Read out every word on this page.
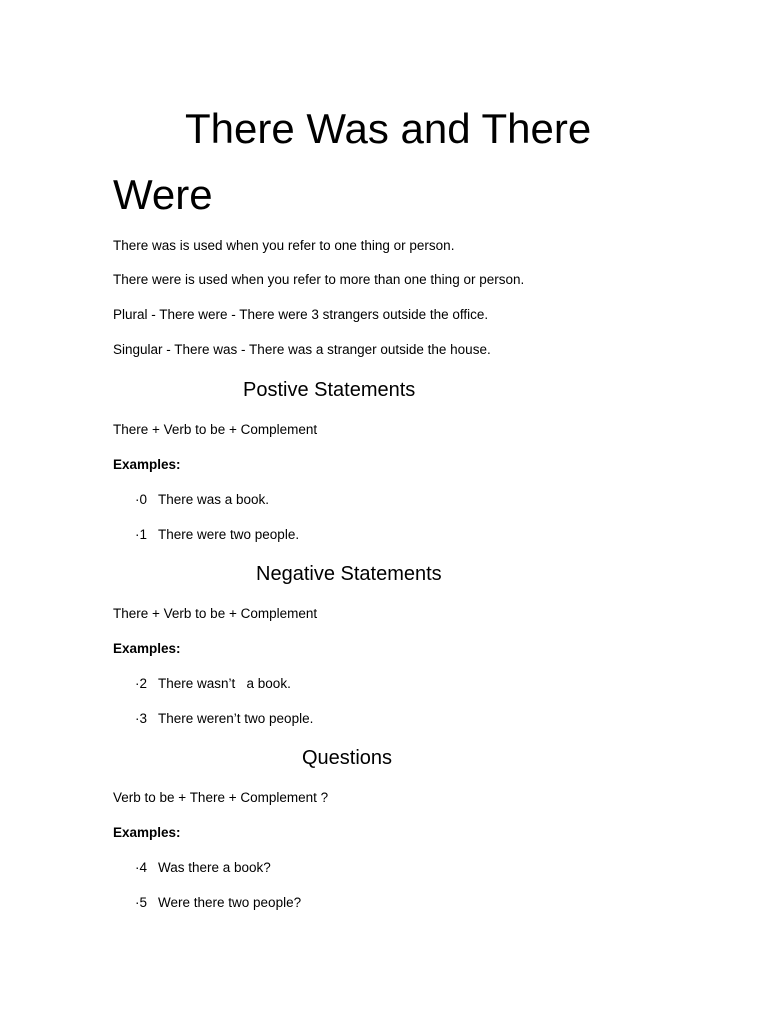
There Was and There Were

There was is used when you refer to one thing or person.

There were is used when you refer to more than one thing or person.

Plural - There were - There were 3 strangers outside the office.

Singular - There was - There was a stranger outside the house.

Postive Statements

There + Verb to be + Complement

Examples:

·0 There was a book.
·1 There were two people.
Negative Statements

There + Verb to be + Complement

Examples:

·2 There wasn’t   a book.
·3 There weren’t two people.
Questions

Verb to be + There + Complement ?

Examples:

·4 Was there a book?
·5 Were there two people?
